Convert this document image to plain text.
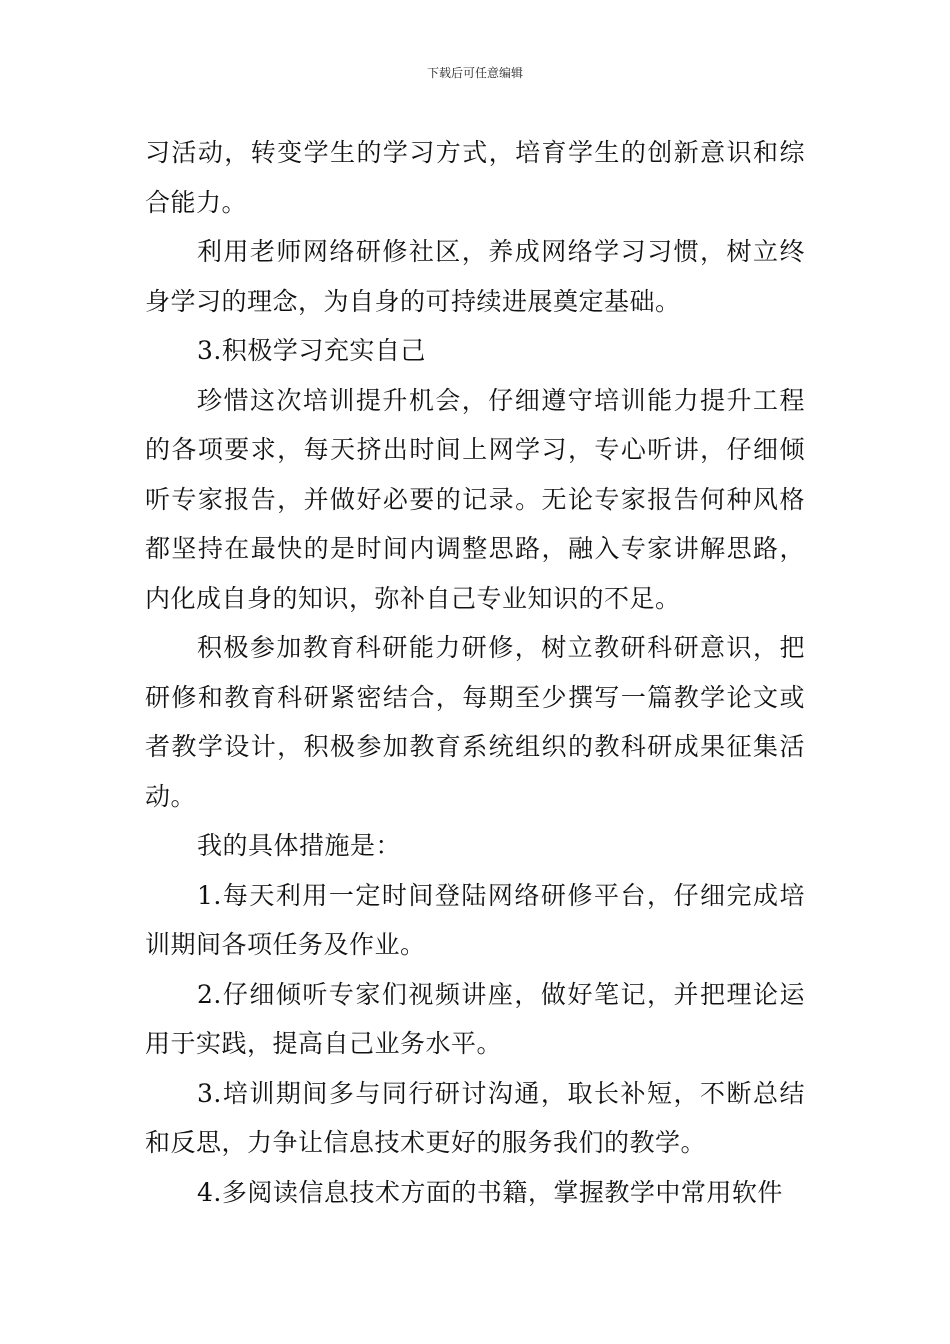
下载后可任意编辑

习活动，转变学生的学习方式，培育学生的创新意识和综合能力。

利用老师网络研修社区，养成网络学习习惯，树立终身学习的理念，为自身的可持续进展奠定基础。

3.积极学习充实自己

珍惜这次培训提升机会，仔细遵守培训能力提升工程的各项要求，每天挤出时间上网学习，专心听讲，仔细倾听专家报告，并做好必要的记录。无论专家报告何种风格都坚持在最快的是时间内调整思路，融入专家讲解思路，内化成自身的知识，弥补自己专业知识的不足。

积极参加教育科研能力研修，树立教研科研意识，把研修和教育科研紧密结合，每期至少撰写一篇教学论文或者教学设计，积极参加教育系统组织的教科研成果征集活动。

我的具体措施是：

1.每天利用一定时间登陆网络研修平台，仔细完成培训期间各项任务及作业。

2.仔细倾听专家们视频讲座，做好笔记，并把理论运用于实践，提高自己业务水平。

3.培训期间多与同行研讨沟通，取长补短，不断总结和反思，力争让信息技术更好的服务我们的教学。

4.多阅读信息技术方面的书籍，掌握教学中常用软件
